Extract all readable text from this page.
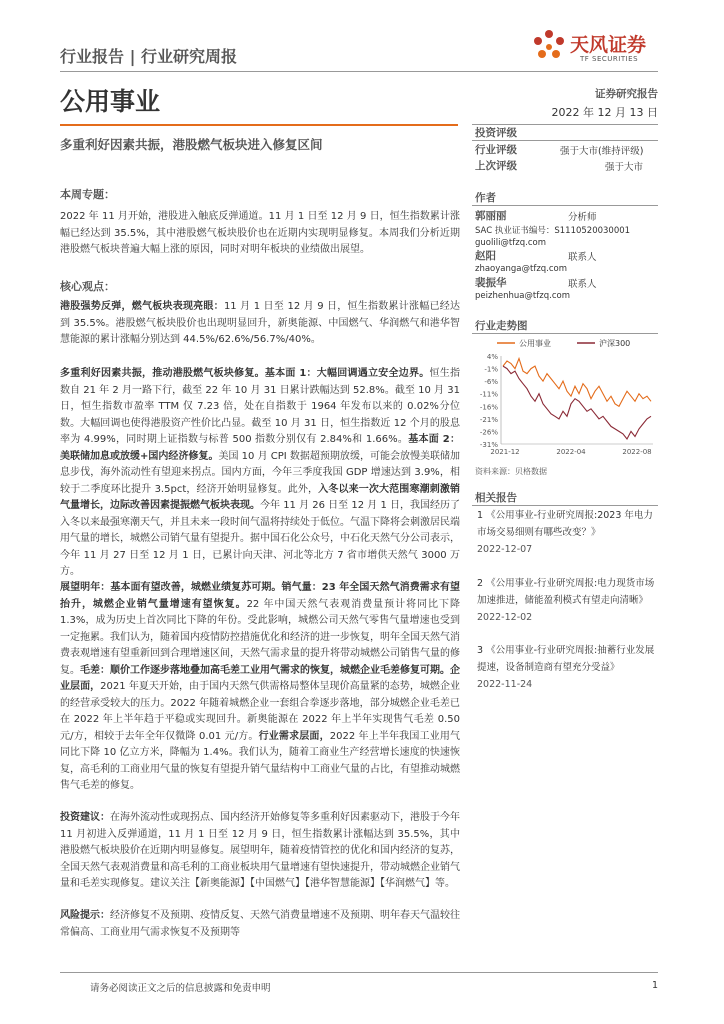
行业报告 | 行业研究周报
公用事业
多重利好因素共振，港股燃气板块进入修复区间
天风证券
TF SECURITIES
证券研究报告
2022 年 12 月 13 日
投资评级
行业评级	强于大市(维持评级)
上次评级	强于大市
作者
郭丽丽	分析师
SAC 执业证书编号：S1110520030001
guolili@tfzq.com
赵阳	联系人
zhaoyanga@tfzq.com
裴振华	联系人
peizhenhua@tfzq.com
行业走势图
公用事业	沪深300
4%
-1%
-6%
-11%
-16%
-21%
-26%
-31%
2021-12	2022-04	2022-08
资料来源：贝格数据
相关报告
1 《公用事业-行业研究周报:2023 年电力市场交易细则有哪些改变？》
2022-12-07
2 《公用事业-行业研究周报:电力现货市场加速推进，储能盈利模式有望走向清晰》
2022-12-02
3 《公用事业-行业研究周报:抽蓄行业发展提速，设备制造商有望充分受益》
2022-11-24
本周专题：
2022 年 11 月开始，港股进入触底反弹通道。11 月 1 日至 12 月 9 日，恒生指数累计涨幅已经达到 35.5%，其中港股燃气板块股价也在近期内实现明显修复。本周我们分析近期港股燃气板块普遍大幅上涨的原因，同时对明年板块的业绩做出展望。
核心观点：
港股强势反弹，燃气板块表现亮眼：11 月 1 日至 12 月 9 日，恒生指数累计涨幅已经达到 35.5%。港股燃气板块股价也出现明显回升，新奥能源、中国燃气、华润燃气和港华智慧能源的累计涨幅分别达到 44.5%/62.6%/56.7%/40%。
多重利好因素共振，推动港股燃气板块修复。基本面 1：大幅回调遇立安全边界。恒生指数自 21 年 2 月一路下行，截至 22 年 10 月 31 日累计跌幅达到 52.8%。截至 10 月 31 日，恒生指数市盈率 TTM 仅 7.23 倍，处在自指数于 1964 年发布以来的 0.02%分位数。大幅回调也使得港股资产性价比凸显。截至 10 月 31 日，恒生指数近 12 个月的股息率为 4.99%，同时期上证指数与标普 500 指数分别仅有 2.84%和 1.66%。基本面 2：美联储加息或放缓+国内经济修复。美国 10 月 CPI 数据超预期放缓，可能会放慢美联储加息步伐，海外流动性有望迎来拐点。国内方面，今年三季度我国 GDP 增速达到 3.9%，相较于二季度环比提升 3.5pct，经济开始明显修复。此外，入冬以来一次大范围寒潮刺激销气量增长，边际改善因素提振燃气板块表现。今年 11 月 26 日至 12 月 1 日，我国经历了入冬以来最强寒潮天气，并且未来一段时间气温将持续处于低位。气温下降将会刺激居民端用气量的增长，城燃公司销气量有望提升。据中国石化公众号，中石化天然气分公司表示，今年 11 月 27 日至 12 月 1 日，已累计向天津、河北等北方 7 省市增供天然气 3000 万方。
展望明年：基本面有望改善，城燃业绩复苏可期。销气量：23 年全国天然气消费需求有望抬升，城燃企业销气量增速有望恢复。22 年中国天然气表观消费量预计将同比下降 1.3%，成为历史上首次同比下降的年份。受此影响，城燃公司天然气零售气量增速也受到一定拖累。我们认为，随着国内疫情防控措施优化和经济的进一步恢复，明年全国天然气消费表观增速有望重新回到合理增速区间，天然气需求量的提升将带动城燃公司销售气量的修复。毛差：顺价工作逐步落地叠加高毛差工业用气需求的恢复，城燃企业毛差修复可期。企业层面，2021 年夏天开始，由于国内天然气供需格局整体呈现价高量紧的态势，城燃企业的经营承受较大的压力。2022 年随着城燃企业一套组合拳逐步落地，部分城燃企业毛差已在 2022 年上半年趋于平稳或实现回升。新奥能源在 2022 年上半年实现售气毛差 0.50 元/方，相较于去年全年仅微降 0.01 元/方。行业需求层面，2022 年上半年我国工业用气同比下降 10 亿立方米，降幅为 1.4%。我们认为，随着工商业生产经营增长速度的快速恢复，高毛利的工商业用气量的恢复有望提升销气量结构中工商业气量的占比，有望推动城燃售气毛差的修复。
投资建议：在海外流动性或现拐点、国内经济开始修复等多重利好因素驱动下，港股于今年 11 月初进入反弹通道，11 月 1 日至 12 月 9 日，恒生指数累计涨幅达到 35.5%，其中港股燃气板块股价在近期内明显修复。展望明年，随着疫情管控的优化和国内经济的复苏，全国天然气表观消费量和高毛利的工商业板块用气量增速有望快速提升，带动城燃企业销气量和毛差实现修复。建议关注【新奥能源】【中国燃气】【港华智慧能源】【华润燃气】等。
风险提示：经济修复不及预期、疫情反复、天然气消费量增速不及预期、明年春天气温较往常偏高、工商业用气需求恢复不及预期等
请务必阅读正文之后的信息披露和免责申明	1
